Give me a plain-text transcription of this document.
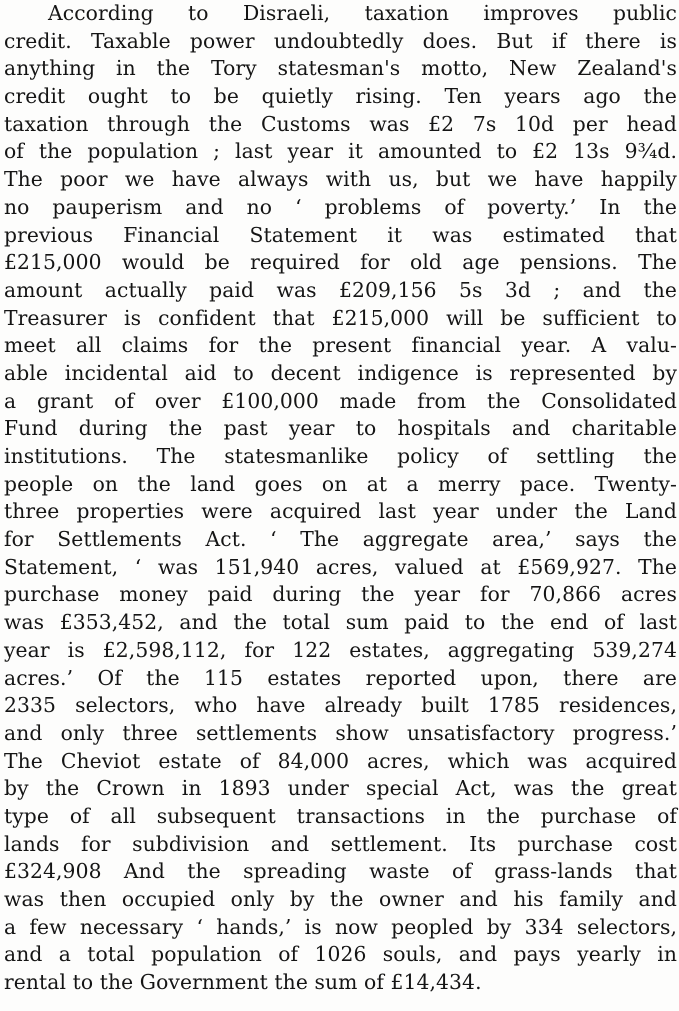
According to Disraeli, taxation improves public
credit. Taxable power undoubtedly does. But if there is
anything in the Tory statesman's motto, New Zealand's
credit ought to be quietly rising. Ten years ago the
taxation through the Customs was £2 7s 10d per head
of the population ; last year it amounted to £2 13s 9¾d.
The poor we have always with us, but we have happily
no pauperism and no ‘ problems of poverty.’ In the
previous Financial Statement it was estimated that
£215,000 would be required for old age pensions. The
amount actually paid was £209,156 5s 3d ; and the
Treasurer is confident that £215,000 will be sufficient to
meet all claims for the present financial year. A valu-
able incidental aid to decent indigence is represented by
a grant of over £100,000 made from the Consolidated
Fund during the past year to hospitals and charitable
institutions. The statesmanlike policy of settling the
people on the land goes on at a merry pace. Twenty-
three properties were acquired last year under the Land
for Settlements Act. ‘ The aggregate area,’ says the
Statement, ‘ was 151,940 acres, valued at £569,927. The
purchase money paid during the year for 70,866 acres
was £353,452, and the total sum paid to the end of last
year is £2,598,112, for 122 estates, aggregating 539,274
acres.’ Of the 115 estates reported upon, there are
2335 selectors, who have already built 1785 residences,
and only three settlements show unsatisfactory progress.’
The Cheviot estate of 84,000 acres, which was acquired
by the Crown in 1893 under special Act, was the great
type of all subsequent transactions in the purchase of
lands for subdivision and settlement. Its purchase cost
£324,908 And the spreading waste of grass-lands that
was then occupied only by the owner and his family and
a few necessary ‘ hands,’ is now peopled by 334 selectors,
and a total population of 1026 souls, and pays yearly in
rental to the Government the sum of £14,434.
